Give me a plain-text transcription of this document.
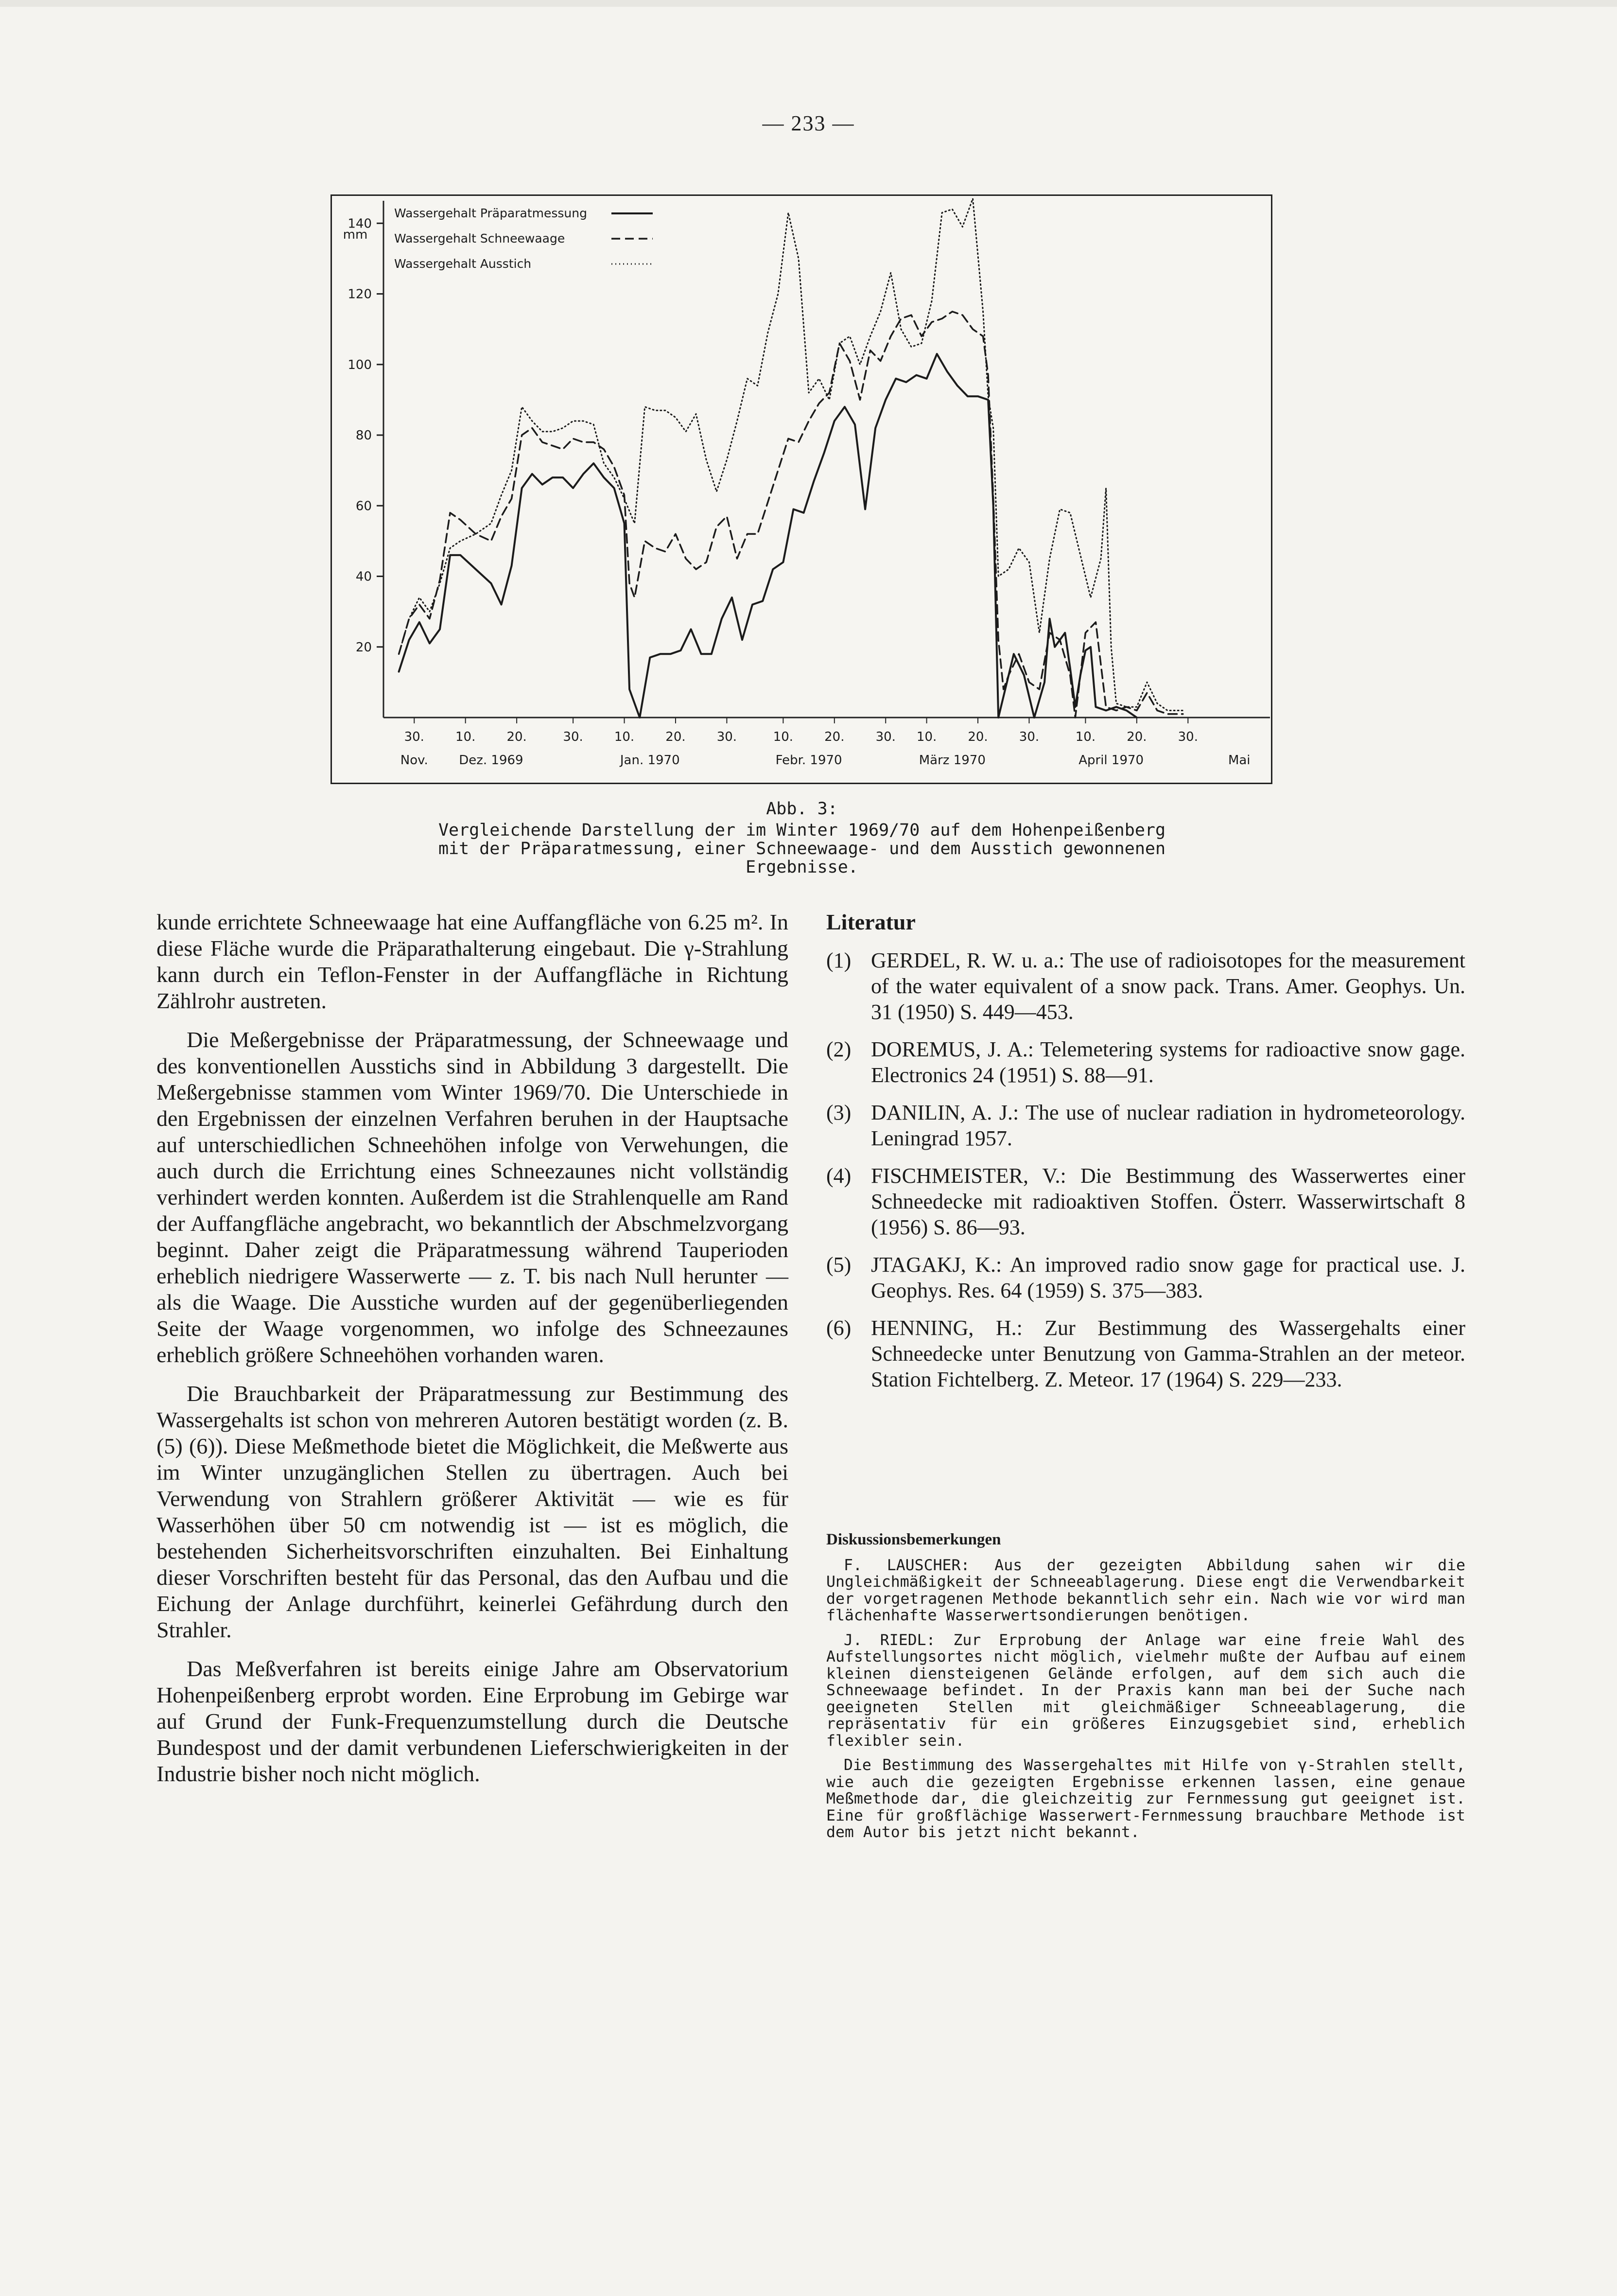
— 233 —
mm
20
40
60
80
100
120
140
30. 10. 20.	30. 10. 20. 30.	10. 20. 30. 10. 20. 30.	10. 20. 30.
Nov. Dez. 1969	Jan. 1970	Febr. 1970	März 1970	April 1970	Mai
Wassergehalt Präparatmessung
Wassergehalt Schneewaage
Wassergehalt Ausstich
Abb. 3:
Vergleichende Darstellung der im Winter 1969/70 auf dem Hohenpeißenberg mit der Präparatmessung, einer Schneewaage- und dem Ausstich gewonnenen Ergebnisse.

kunde errichtete Schneewaage hat eine Auffangfläche von 6.25 m². In diese Fläche wurde die Präparathalterung eingebaut. Die γ-Strahlung kann durch ein Teflon-Fenster in der Auffangfläche in Richtung Zählrohr austreten.

Die Meßergebnisse der Präparatmessung, der Schneewaage und des konventionellen Ausstichs sind in Abbildung 3 dargestellt. Die Meßergebnisse stammen vom Winter 1969/70. Die Unterschiede in den Ergebnissen der einzelnen Verfahren beruhen in der Hauptsache auf unterschiedlichen Schneehöhen infolge von Verwehungen, die auch durch die Errichtung eines Schneezaunes nicht vollständig verhindert werden konnten. Außerdem ist die Strahlenquelle am Rand der Auffangfläche angebracht, wo bekanntlich der Abschmelzvorgang beginnt. Daher zeigt die Präparatmessung während Tauperioden erheblich niedrigere Wasserwerte — z. T. bis nach Null herunter — als die Waage. Die Ausstiche wurden auf der gegenüberliegenden Seite der Waage vorgenommen, wo infolge des Schneezaunes erheblich größere Schneehöhen vorhanden waren.

Die Brauchbarkeit der Präparatmessung zur Bestimmung des Wassergehalts ist schon von mehreren Autoren bestätigt worden (z. B. (5) (6)). Diese Meßmethode bietet die Möglichkeit, die Meßwerte aus im Winter unzugänglichen Stellen zu übertragen. Auch bei Verwendung von Strahlern größerer Aktivität — wie es für Wasserhöhen über 50 cm notwendig ist — ist es möglich, die bestehenden Sicherheitsvorschriften einzuhalten. Bei Einhaltung dieser Vorschriften besteht für das Personal, das den Aufbau und die Eichung der Anlage durchführt, keinerlei Gefährdung durch den Strahler.

Das Meßverfahren ist bereits einige Jahre am Observatorium Hohenpeißenberg erprobt worden. Eine Erprobung im Gebirge war auf Grund der Funk-Frequenzumstellung durch die Deutsche Bundespost und der damit verbundenen Lieferschwierigkeiten in der Industrie bisher noch nicht möglich.

Literatur
(1) GERDEL, R. W. u. a.: The use of radioisotopes for the measurement of the water equivalent of a snow pack. Trans. Amer. Geophys. Un. 31 (1950) S. 449—453.
(2) DOREMUS, J. A.: Telemetering systems for radioactive snow gage. Electronics 24 (1951) S. 88—91.
(3) DANILIN, A. J.: The use of nuclear radiation in hydrometeorology. Leningrad 1957.
(4) FISCHMEISTER, V.: Die Bestimmung des Wasserwertes einer Schneedecke mit radioaktiven Stoffen. Österr. Wasserwirtschaft 8 (1956) S. 86—93.
(5) JTAGAKJ, K.: An improved radio snow gage for practical use. J. Geophys. Res. 64 (1959) S. 375—383.
(6) HENNING, H.: Zur Bestimmung des Wassergehalts einer Schneedecke unter Benutzung von Gamma-Strahlen an der meteor. Station Fichtelberg. Z. Meteor. 17 (1964) S. 229—233.
Diskussionsbemerkungen

F. LAUSCHER: Aus der gezeigten Abbildung sahen wir die Ungleichmäßigkeit der Schneeablagerung. Diese engt die Verwendbarkeit der vorgetragenen Methode bekanntlich sehr ein. Nach wie vor wird man flächenhafte Wasserwertsondierungen benötigen.

J. RIEDL: Zur Erprobung der Anlage war eine freie Wahl des Aufstellungsortes nicht möglich, vielmehr mußte der Aufbau auf einem kleinen diensteigenen Gelände erfolgen, auf dem sich auch die Schneewaage befindet. In der Praxis kann man bei der Suche nach geeigneten Stellen mit gleichmäßiger Schneeablagerung, die repräsentativ für ein größeres Einzugsgebiet sind, erheblich flexibler sein.

Die Bestimmung des Wassergehaltes mit Hilfe von γ-Strahlen stellt, wie auch die gezeigten Ergebnisse erkennen lassen, eine genaue Meßmethode dar, die gleichzeitig zur Fernmessung gut geeignet ist. Eine für großflächige Wasserwert-Fernmessung brauchbare Methode ist dem Autor bis jetzt nicht bekannt.
